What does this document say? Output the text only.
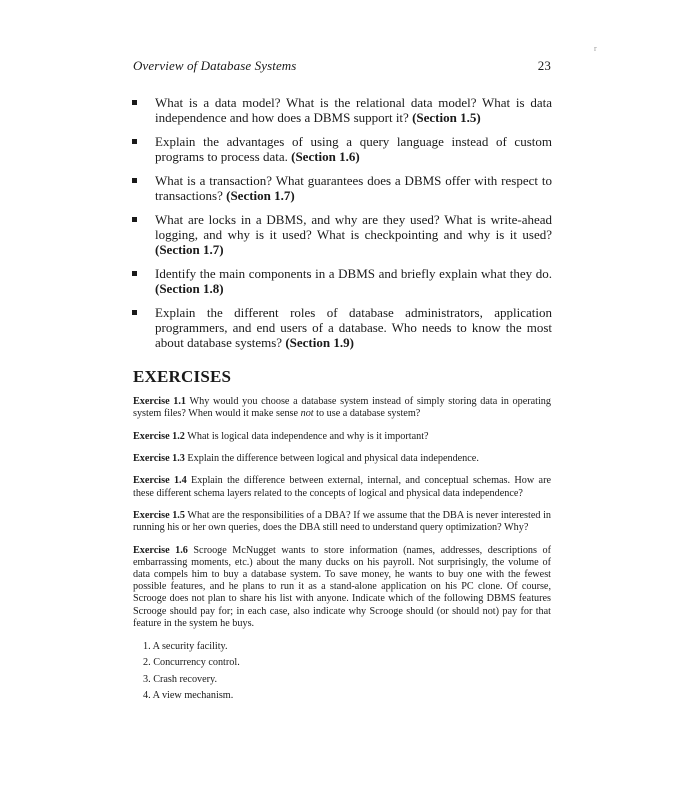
r
Overview of Database Systems	23
What is a data model? What is the relational data model? What is data independence and how does a DBMS support it? (Section 1.5)
Explain the advantages of using a query language instead of custom programs to process data. (Section 1.6)
What is a transaction? What guarantees does a DBMS offer with respect to transactions? (Section 1.7)
What are locks in a DBMS, and why are they used? What is write-ahead logging, and why is it used? What is checkpointing and why is it used? (Section 1.7)
Identify the main components in a DBMS and briefly explain what they do. (Section 1.8)
Explain the different roles of database administrators, application programmers, and end users of a database. Who needs to know the most about database systems? (Section 1.9)
EXERCISES

Exercise 1.1 Why would you choose a database system instead of simply storing data in operating system files? When would it make sense not to use a database system?

Exercise 1.2 What is logical data independence and why is it important?

Exercise 1.3 Explain the difference between logical and physical data independence.

Exercise 1.4 Explain the difference between external, internal, and conceptual schemas. How are these different schema layers related to the concepts of logical and physical data independence?

Exercise 1.5 What are the responsibilities of a DBA? If we assume that the DBA is never interested in running his or her own queries, does the DBA still need to understand query optimization? Why?

Exercise 1.6 Scrooge McNugget wants to store information (names, addresses, descriptions of embarrassing moments, etc.) about the many ducks on his payroll. Not surprisingly, the volume of data compels him to buy a database system. To save money, he wants to buy one with the fewest possible features, and he plans to run it as a stand-alone application on his PC clone. Of course, Scrooge does not plan to share his list with anyone. Indicate which of the following DBMS features Scrooge should pay for; in each case, also indicate why Scrooge should (or should not) pay for that feature in the system he buys.

1. A security facility.
2. Concurrency control.
3. Crash recovery.
4. A view mechanism.
